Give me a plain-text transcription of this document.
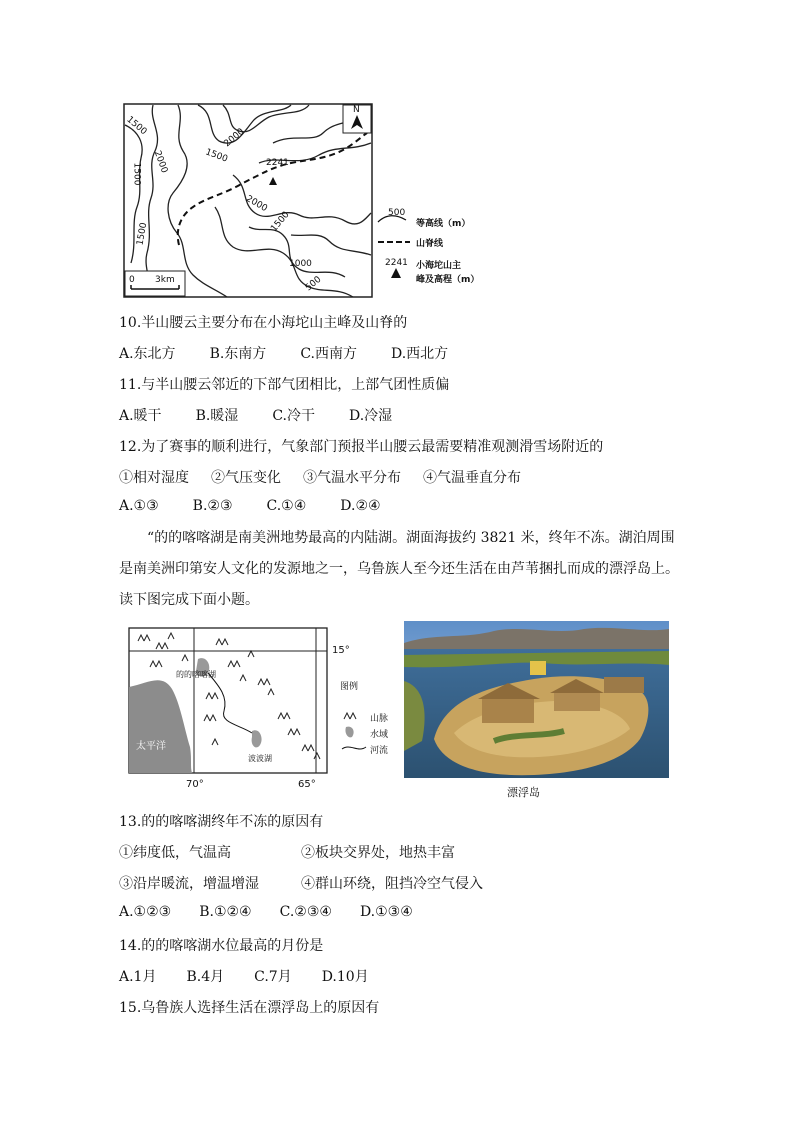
N
1500
2000
1500
2000
1500
2000
1500	1500
1000
500
2241
0 3km
500
等高线（m）
山脊线
2241 小海坨山主
峰及高程（m）
10.半山腰云主要分布在小海坨山主峰及山脊的
A.东北方 B.东南方 C.西南方 D.西北方
11.与半山腰云邻近的下部气团相比，上部气团性质偏
A.暖干 B.暖湿 C.冷干 D.冷湿
12.为了赛事的顺利进行，气象部门预报半山腰云最需要精准观测滑雪场附近的
①相对湿度 ②气压变化 ③气温水平分布 ④气温垂直分布
A.①③ B.②③ C.①④ D.②④
“的的喀喀湖是南美洲地势最高的内陆湖。湖面海拔约 3821 米，终年不冻。湖泊周围是南美洲印第安人文化的发源地之一，乌鲁族人至今还生活在由芦苇捆扎而成的漂浮岛上。读下图完成下面小题。
15°
的的喀喀湖
波波湖
太平洋
70°	65°
图例
山脉
水域
河流
漂浮岛
13.的的喀喀湖终年不冻的原因有
①纬度低，气温高	②板块交界处，地热丰富
③沿岸暖流，增温增湿	④群山环绕，阻挡冷空气侵入
A.①②③ B.①②④ C.②③④ D.①③④
14.的的喀喀湖水位最高的月份是
A.1月 B.4月 C.7月 D.10月
15.乌鲁族人选择生活在漂浮岛上的原因有
